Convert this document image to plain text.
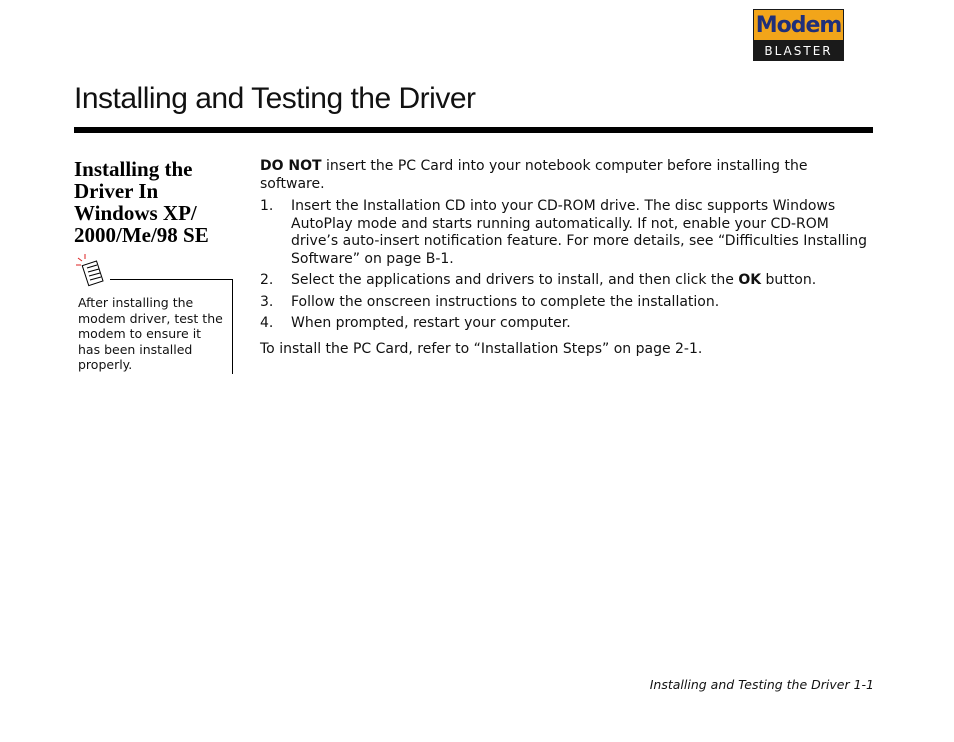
Modem
BLASTER
Installing and Testing the Driver
Installing the Driver In Windows XP/ 2000/Me/98 SE

After installing the modem driver, test the modem to ensure it has been installed properly.

DO NOT insert the PC Card into your notebook computer before installing the software.

1. Insert the Installation CD into your CD-ROM drive. The disc supports Windows AutoPlay mode and starts running automatically. If not, enable your CD-ROM drive’s auto-insert notification feature. For more details, see “Difficulties Installing Software” on page B-1.
2. Select the applications and drivers to install, and then click the OK button.
3. Follow the onscreen instructions to complete the installation.
4. When prompted, restart your computer.

To install the PC Card, refer to “Installation Steps” on page 2-1.

Installing and Testing the Driver 1-1
